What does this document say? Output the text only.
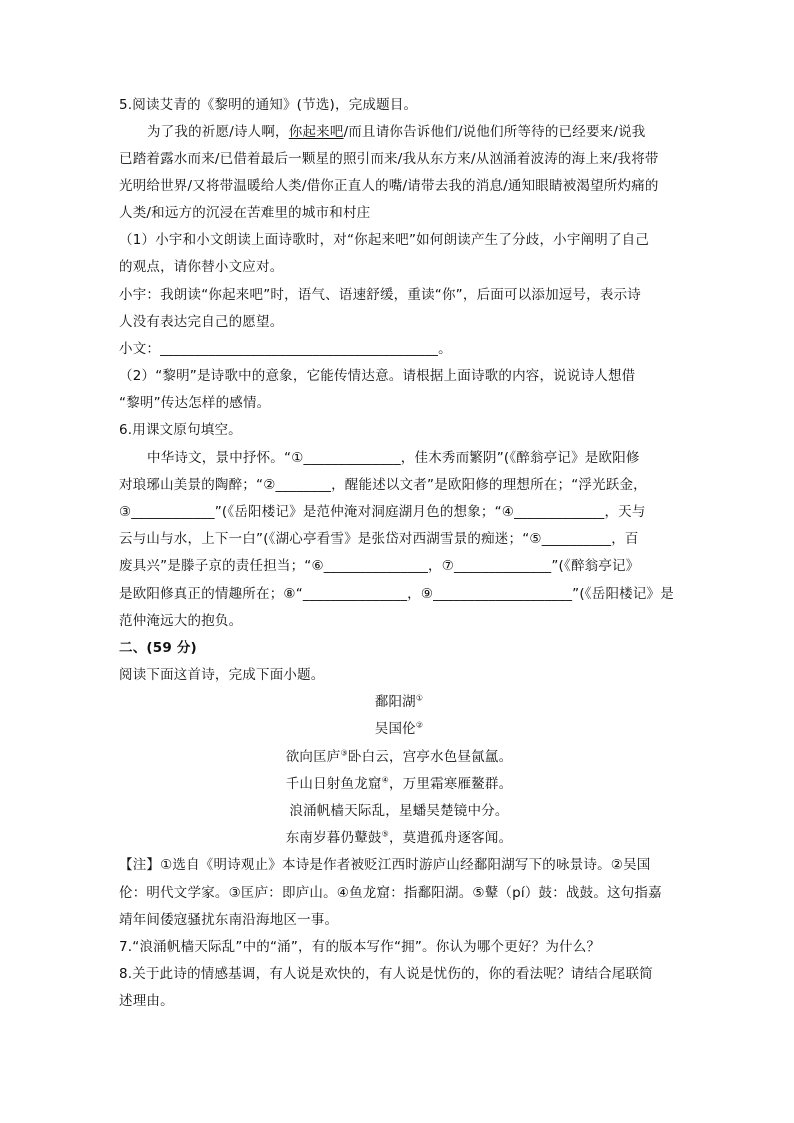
5.阅读艾青的《黎明的通知》(节选)，完成题目。
为了我的祈愿/诗人啊，你起来吧/而且请你告诉他们/说他们所等待的已经要来/说我
已踏着露水而来/已借着最后一颗星的照引而来/我从东方来/从汹涌着波涛的海上来/我将带
光明给世界/又将带温暖给人类/借你正直人的嘴/请带去我的消息/通知眼睛被渴望所灼痛的
人类/和远方的沉浸在苦难里的城市和村庄
（1）小宇和小文朗读上面诗歌时，对“你起来吧”如何朗读产生了分歧，小宇阐明了自己
的观点，请你替小文应对。
小宇：我朗读“你起来吧”时，语气、语速舒缓，重读“你”，后面可以添加逗号，表示诗
人没有表达完自己的愿望。
小文：________________________________________。
（2）“黎明”是诗歌中的意象，它能传情达意。请根据上面诗歌的内容，说说诗人想借
“黎明”传达怎样的感情。
6.用课文原句填空。
中华诗文，景中抒怀。“①______________，佳木秀而繁阴”(《醉翁亭记》是欧阳修
对琅琊山美景的陶醉；“②________，醒能述以文者”是欧阳修的理想所在；“浮光跃金，
③____________”(《岳阳楼记》是范仲淹对洞庭湖月色的想象；“④_____________，天与
云与山与水，上下一白”(《湖心亭看雪》是张岱对西湖雪景的痴迷；“⑤__________，百
废具兴”是滕子京的责任担当；“⑥_______________，⑦______________”(《醉翁亭记》
是欧阳修真正的情趣所在；⑧“_______________，⑨____________________”(《岳阳楼记》是
范仲淹远大的抱负。
二、(59 分)
阅读下面这首诗，完成下面小题。
鄱阳湖①
吴国伦②
欲向匡庐③卧白云，宫亭水色昼氤氲。
千山日射鱼龙窟④，万里霜寒雁鳌群。
浪涌帆樯天际乱，星蟠吴楚镜中分。
东南岁暮仍鼙鼓⑤，莫遣孤舟逐客闻。
【注】①选自《明诗观止》本诗是作者被贬江西时游庐山经鄱阳湖写下的咏景诗。②吴国
伦：明代文学家。③匡庐：即庐山。④鱼龙窟：指鄱阳湖。⑤鼙（pí）鼓：战鼓。这句指嘉
靖年间倭寇骚扰东南沿海地区一事。
7.“浪涌帆樯天际乱”中的“涌”，有的版本写作“拥”。你认为哪个更好？为什么？
8.关于此诗的情感基调，有人说是欢快的，有人说是忧伤的，你的看法呢？请结合尾联简
述理由。
